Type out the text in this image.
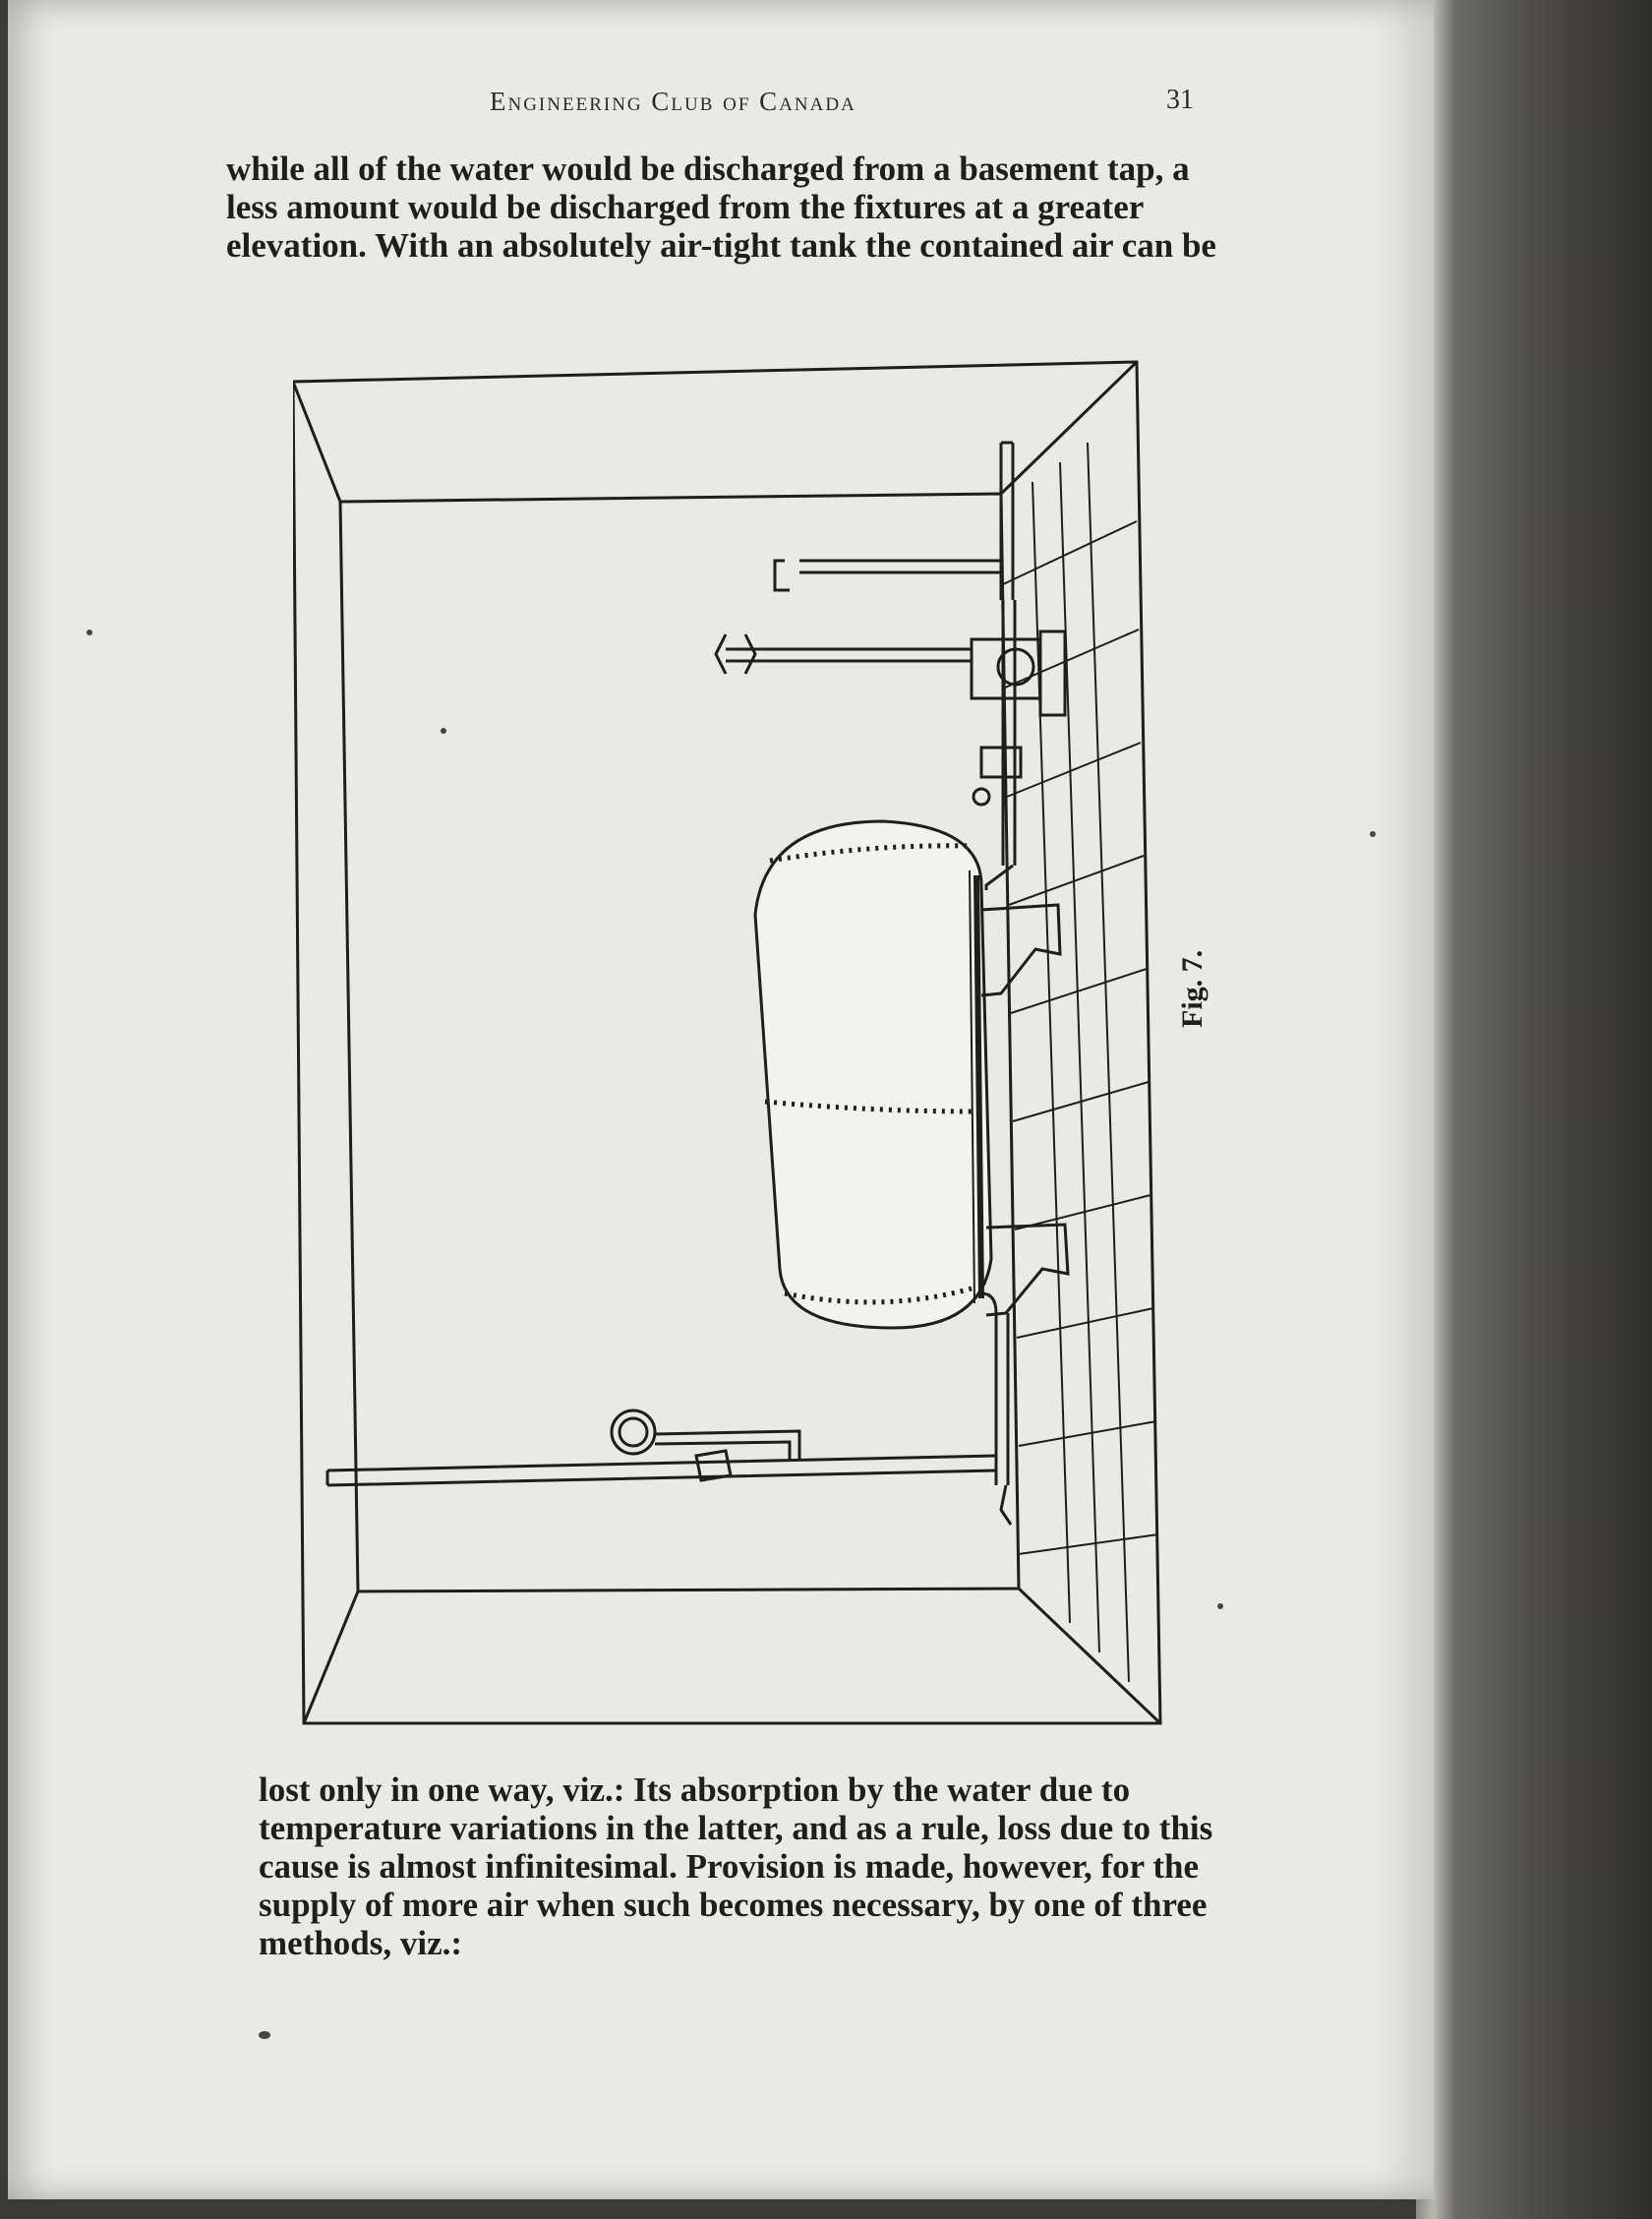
Engineering Club of Canada	31

while all of the water would be discharged from a basement tap, a less amount would be discharged from the fixtures at a greater elevation. With an absolutely air-tight tank the contained air can be

Fig. 7.

lost only in one way, viz.: Its absorption by the water due to temperature variations in the latter, and as a rule, loss due to this cause is almost infinitesimal. Provision is made, however, for the supply of more air when such becomes necessary, by one of three methods, viz.:
